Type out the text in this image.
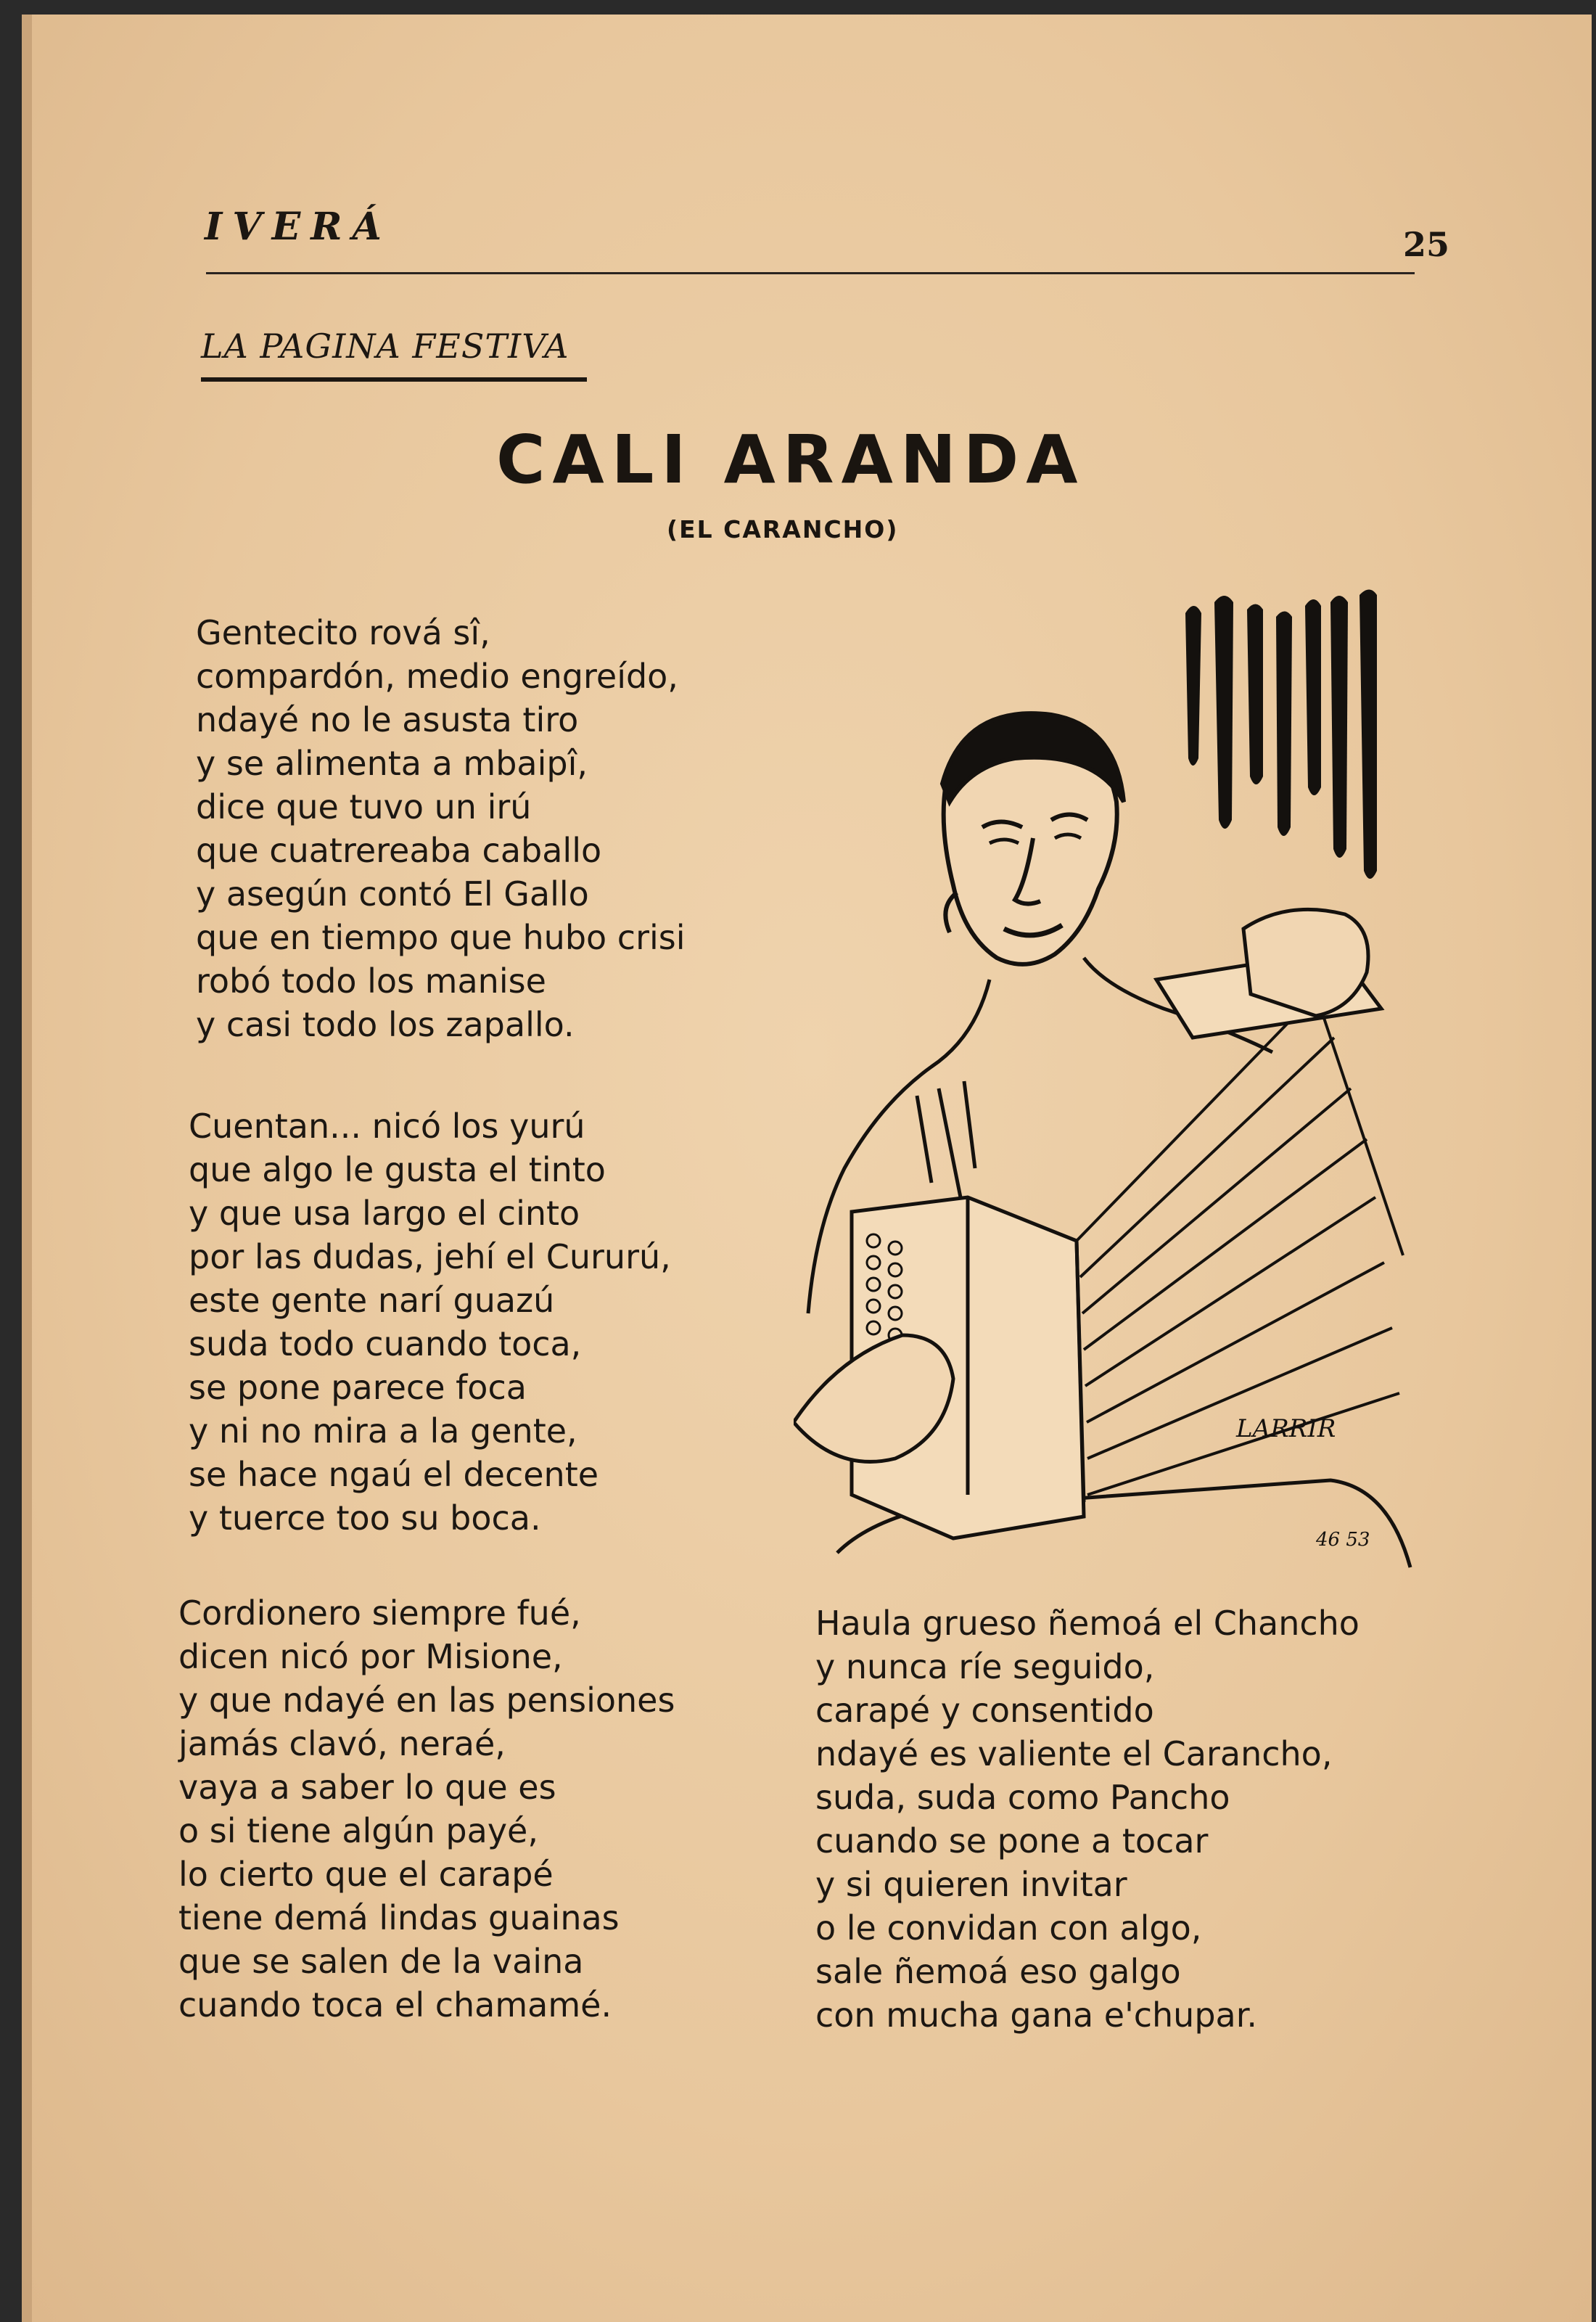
IVERÁ	25
LA PAGINA FESTIVA
CALI ARANDA
(EL CARANCHO)
Gentecito rová sî,
compardón, medio engreído,
ndayé no le asusta tiro
y se alimenta a mbaipî,
dice que tuvo un irú
que cuatrereaba caballo
y asegún contó El Gallo
que en tiempo que hubo crisi
robó todo los manise
y casi todo los zapallo.
Cuentan... nicó los yurú
que algo le gusta el tinto
y que usa largo el cinto
por las dudas, jehí el Cururú,
este gente narí guazú
suda todo cuando toca,
se pone parece foca
y ni no mira a la gente,
se hace ngaú el decente
y tuerce too su boca.
Cordionero siempre fué,
dicen nicó por Misione,
y que ndayé en las pensiones
jamás clavó, neraé,
vaya a saber lo que es
o si tiene algún payé,
lo cierto que el carapé
tiene demá lindas guainas
que se salen de la vaina
cuando toca el chamamé.
Haula grueso ñemoá el Chancho
y nunca ríe seguido,
carapé y consentido
ndayé es valiente el Carancho,
suda, suda como Pancho
cuando se pone a tocar
y si quieren invitar
o le convidan con algo,
sale ñemoá eso galgo
con mucha gana e'chupar.
LARRIR
46 53
